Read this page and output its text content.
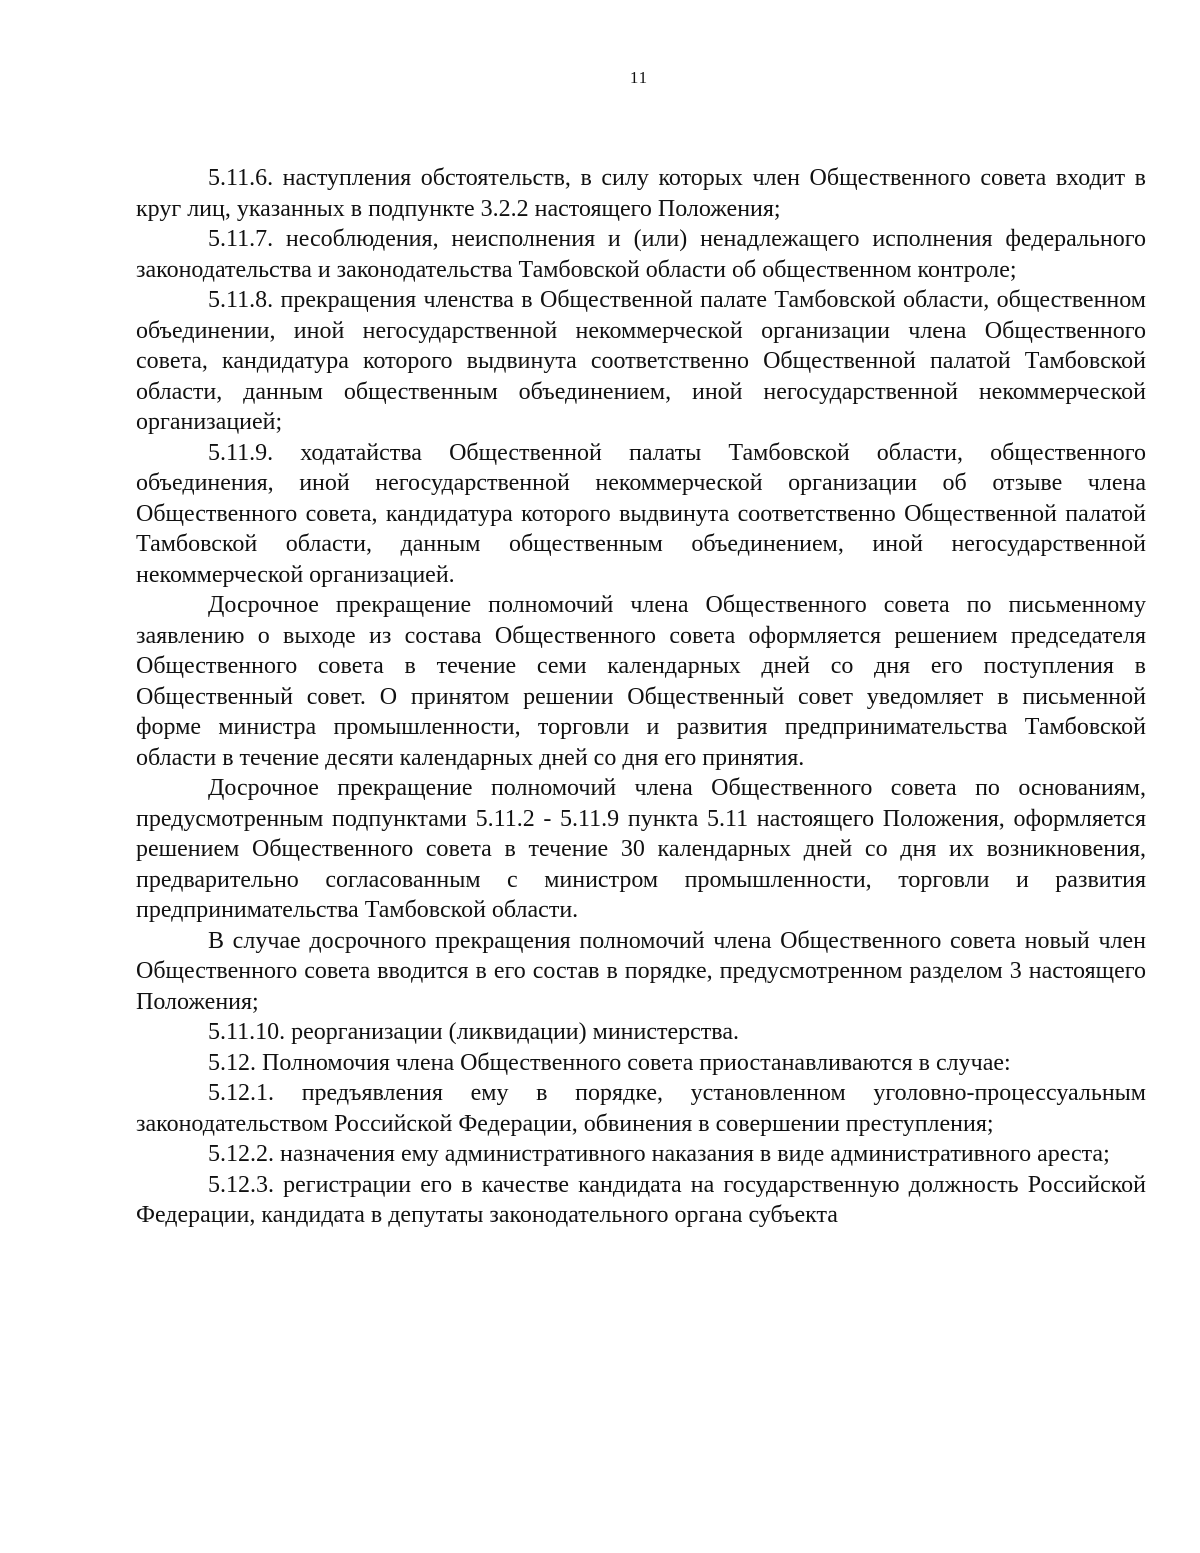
11

5.11.6. наступления обстоятельств, в силу которых член Общественного совета входит в круг лиц, указанных в подпункте 3.2.2 настоящего Положения;

5.11.7. несоблюдения, неисполнения и (или) ненадлежащего исполнения федерального законодательства и законодательства Тамбовской области об общественном контроле;

5.11.8. прекращения членства в Общественной палате Тамбовской области, общественном объединении, иной негосударственной некоммерческой организации члена Общественного совета, кандидатура которого выдвинута соответственно Общественной палатой Тамбовской области, данным общественным объединением, иной негосударственной некоммерческой организацией;

5.11.9. ходатайства Общественной палаты Тамбовской области, общественного объединения, иной негосударственной некоммерческой организации об отзыве члена Общественного совета, кандидатура которого выдвинута соответственно Общественной палатой Тамбовской области, данным общественным объединением, иной негосударственной некоммерческой организацией.

Досрочное прекращение полномочий члена Общественного совета по письменному заявлению о выходе из состава Общественного совета оформляется решением председателя Общественного совета в течение семи календарных дней со дня его поступления в Общественный совет. О принятом решении Общественный совет уведомляет в письменной форме министра промышленности, торговли и развития предпринимательства Тамбовской области в течение десяти календарных дней со дня его принятия.

Досрочное прекращение полномочий члена Общественного совета по основаниям, предусмотренным подпунктами 5.11.2 - 5.11.9 пункта 5.11 настоящего Положения, оформляется решением Общественного совета в течение 30 календарных дней со дня их возникновения, предварительно согласованным с министром промышленности, торговли и развития предпринимательства Тамбовской области.

В случае досрочного прекращения полномочий члена Общественного совета новый член Общественного совета вводится в его состав в порядке, предусмотренном разделом 3 настоящего Положения;

5.11.10. реорганизации (ликвидации) министерства.

5.12. Полномочия члена Общественного совета приостанавливаются в случае:

5.12.1. предъявления ему в порядке, установленном уголовно-процессуальным законодательством Российской Федерации, обвинения в совершении преступления;

5.12.2. назначения ему административного наказания в виде административного ареста;

5.12.3. регистрации его в качестве кандидата на государственную должность Российской Федерации, кандидата в депутаты законодательного органа субъекта
